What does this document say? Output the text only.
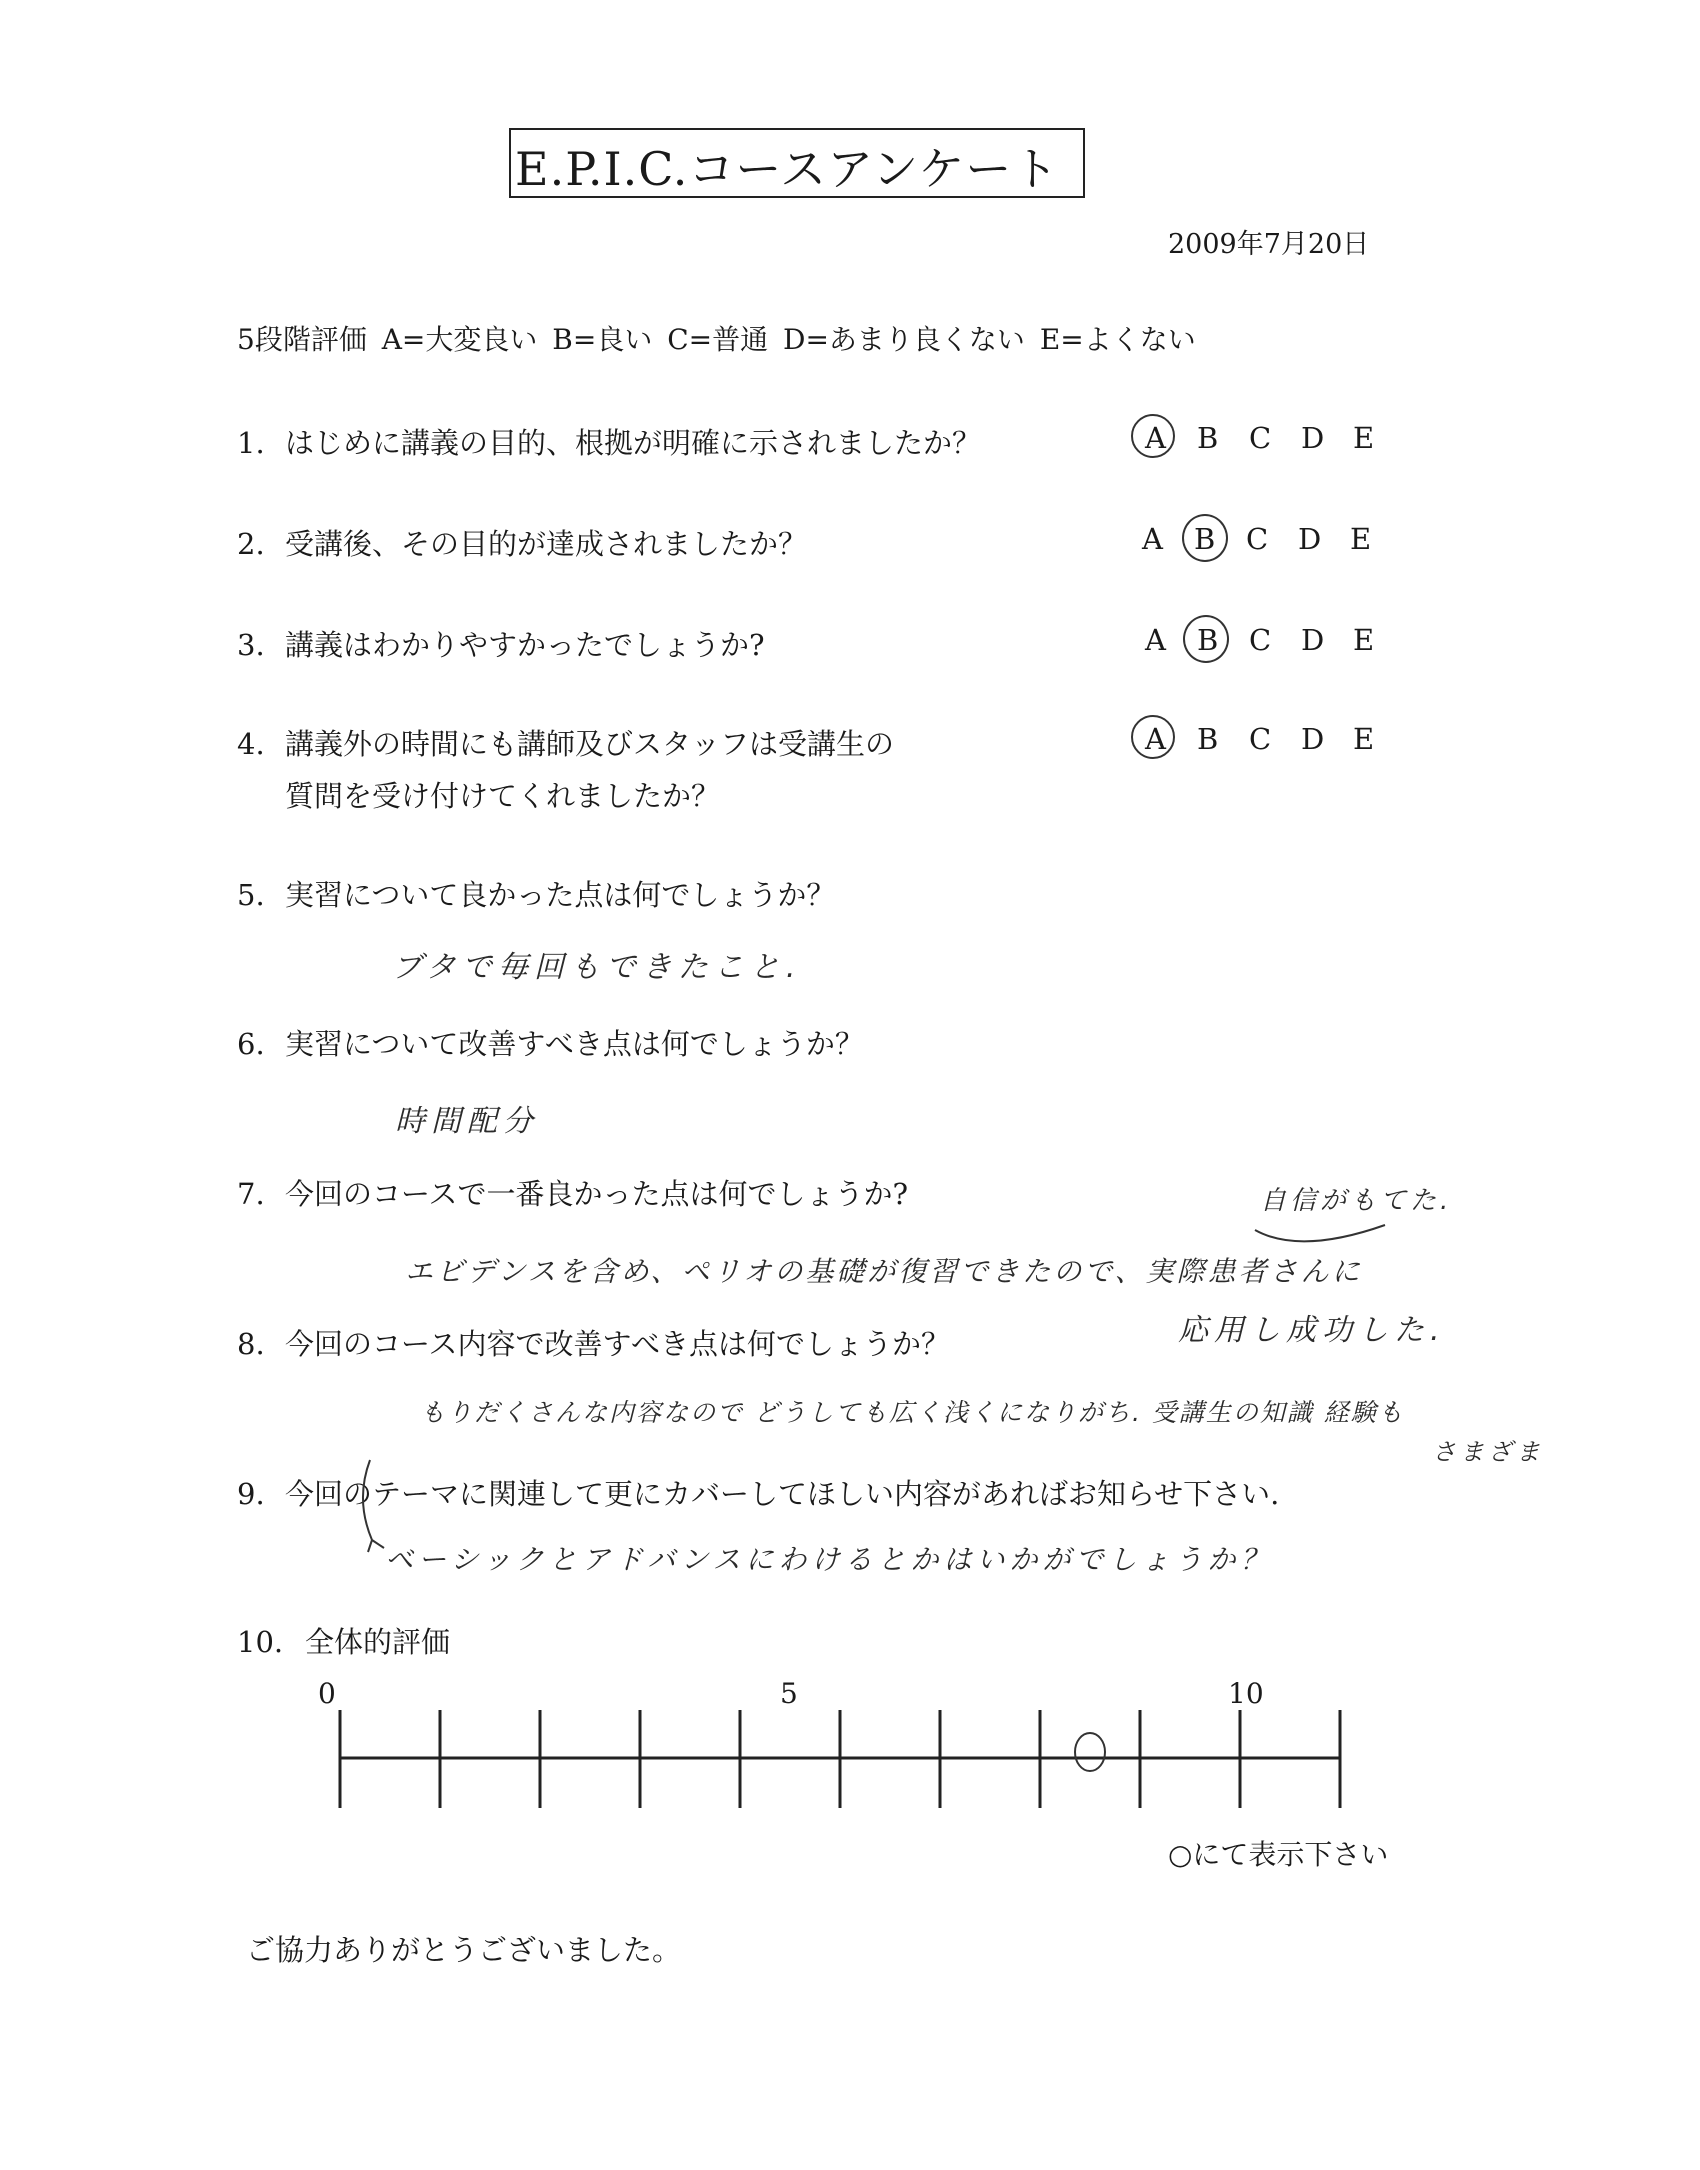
E.P.I.C.コースアンケート
2009年7月20日
5段階評価 A=大変良い B=良い C=普通 D=あまり良くない E=よくない
1. はじめに講義の目的、根拠が明確に示されましたか？	A B C D E
2. 受講後、その目的が達成されましたか？	A B C D E
3. 講義はわかりやすかったでしょうか?	A B C D E
4. 講義外の時間にも講師及びスタッフは受講生の
質問を受け付けてくれましたか？
A B C D E
5. 実習について良かった点は何でしょうか？
ブタで毎回もできたこと.
6. 実習について改善すべき点は何でしょうか？
時間配分
7. 今回のコースで一番良かった点は何でしょうか?	自信がもてた.
エビデンスを含め、ペリオの基礎が復習できたので、実際患者さんに
応用し成功した.
8. 今回のコース内容で改善すべき点は何でしょうか？
もりだくさんな内容なので どうしても広く浅くになりがち. 受講生の知識 経験も
さまざま
9. 今回のテーマに関連して更にカバーしてほしい内容があればお知らせ下さい.
ベーシックとアドバンスにわけるとかはいかがでしょうか？
10. 全体的評価
0	5	10
○にて表示下さい
ご協力ありがとうございました。
